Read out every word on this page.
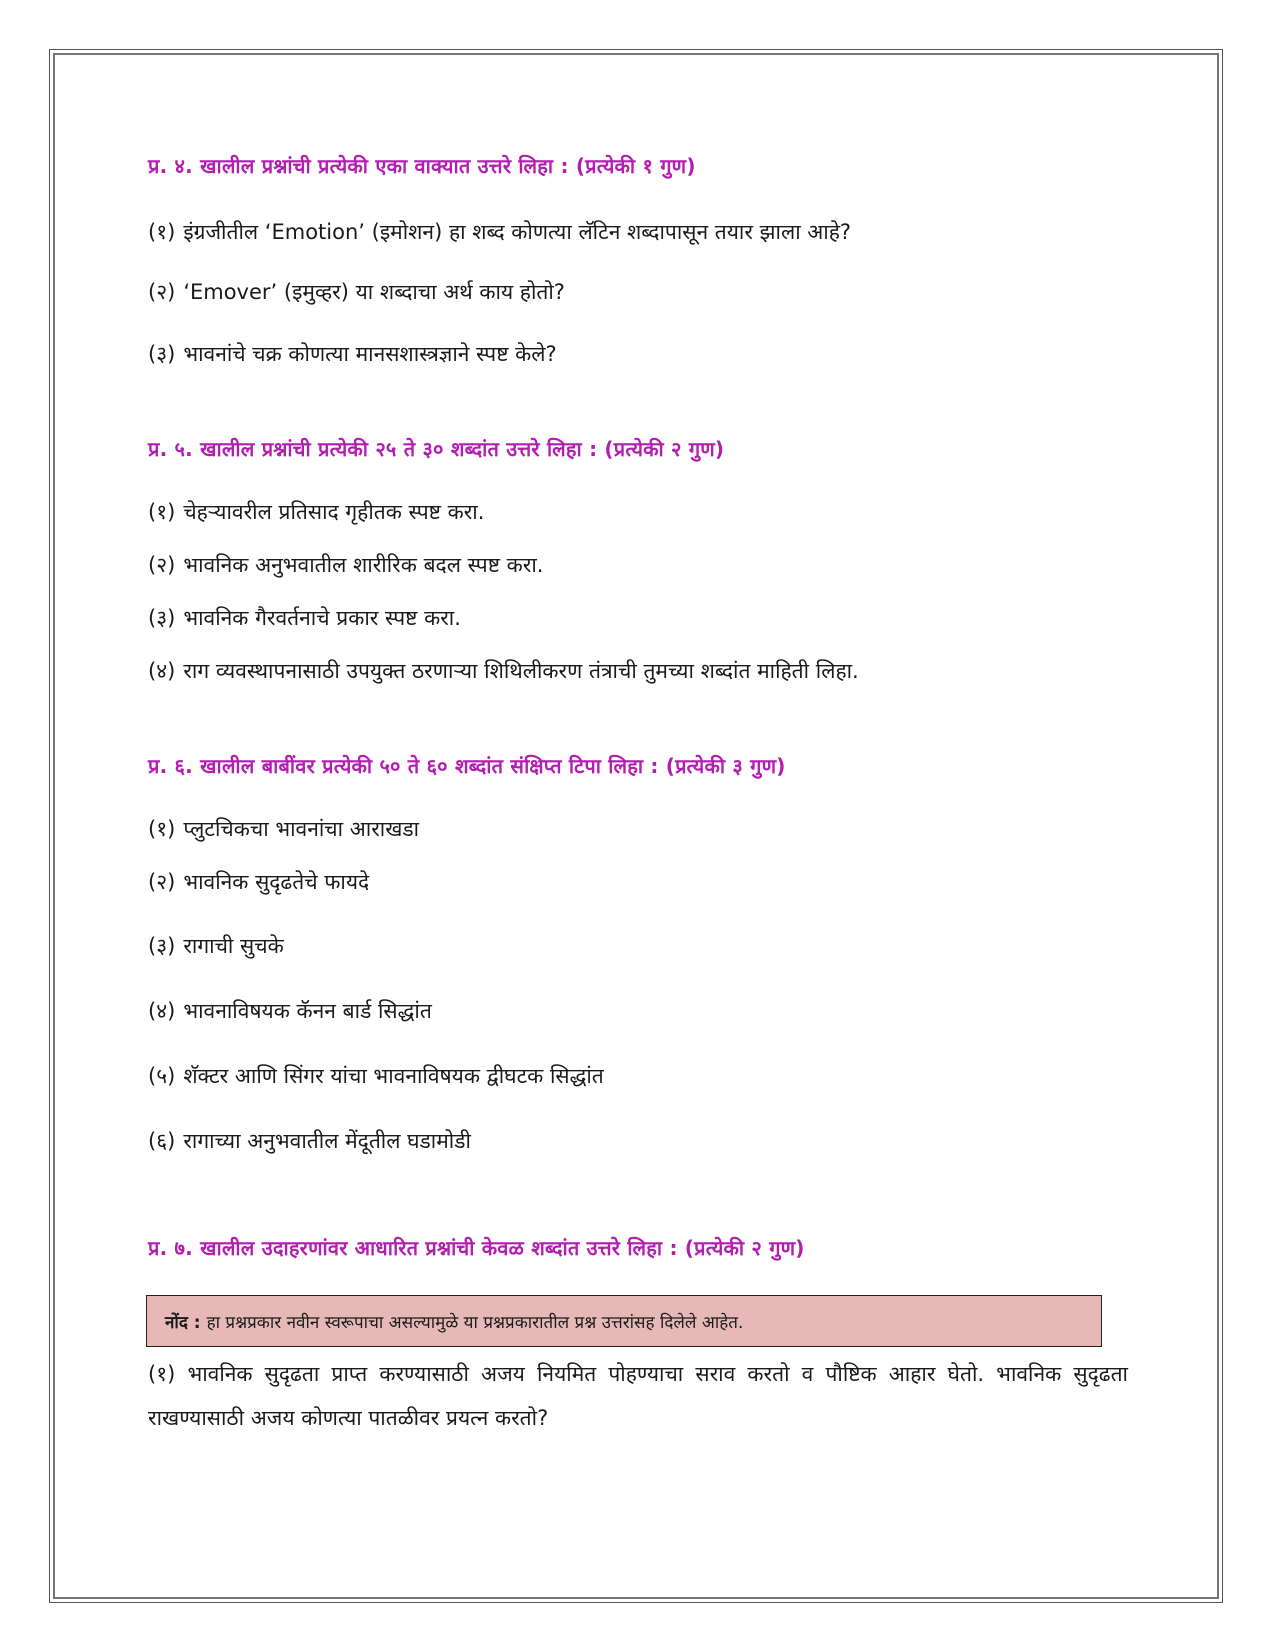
प्र. ४. खालील प्रश्नांची प्रत्येकी एका वाक्यात उत्तरे लिहा : (प्रत्येकी १ गुण)
(१) इंग्रजीतील ‘Emotion’ (इमोशन) हा शब्द कोणत्या लॅटिन शब्दापासून तयार झाला आहे?
(२) ‘Emover’ (इमुव्हर) या शब्दाचा अर्थ काय होतो?
(३) भावनांचे चक्र कोणत्या मानसशास्त्रज्ञाने स्पष्ट केले?
प्र. ५. खालील प्रश्नांची प्रत्येकी २५ ते ३० शब्दांत उत्तरे लिहा : (प्रत्येकी २ गुण)
(१) चेहऱ्यावरील प्रतिसाद गृहीतक स्पष्ट करा.
(२) भावनिक अनुभवातील शारीरिक बदल स्पष्ट करा.
(३) भावनिक गैरवर्तनाचे प्रकार स्पष्ट करा.
(४) राग व्यवस्थापनासाठी उपयुक्त ठरणाऱ्या शिथिलीकरण तंत्राची तुमच्या शब्दांत माहिती लिहा.
प्र. ६. खालील बाबींवर प्रत्येकी ५० ते ६० शब्दांत संक्षिप्त टिपा लिहा : (प्रत्येकी ३ गुण)
(१) प्लुटचिकचा भावनांचा आराखडा
(२) भावनिक सुदृढतेचे फायदे
(३) रागाची सुचके
(४) भावनाविषयक कॅनन बार्ड सिद्धांत
(५) शॅक्टर आणि सिंगर यांचा भावनाविषयक द्वीघटक सिद्धांत
(६) रागाच्या अनुभवातील मेंदूतील घडामोडी
प्र. ७. खालील उदाहरणांवर आधारित प्रश्नांची केवळ शब्दांत उत्तरे लिहा : (प्रत्येकी २ गुण)
(१) भावनिक सुदृढता प्राप्त करण्यासाठी अजय नियमित पोहण्याचा सराव करतो व पौष्टिक आहार घेतो. भावनिक सुदृढता राखण्यासाठी अजय कोणत्या पातळीवर प्रयत्न करतो?
नोंद : हा प्रश्नप्रकार नवीन स्वरूपाचा असल्यामुळे या प्रश्नप्रकारातील प्रश्न उत्तरांसह दिलेले आहेत.
